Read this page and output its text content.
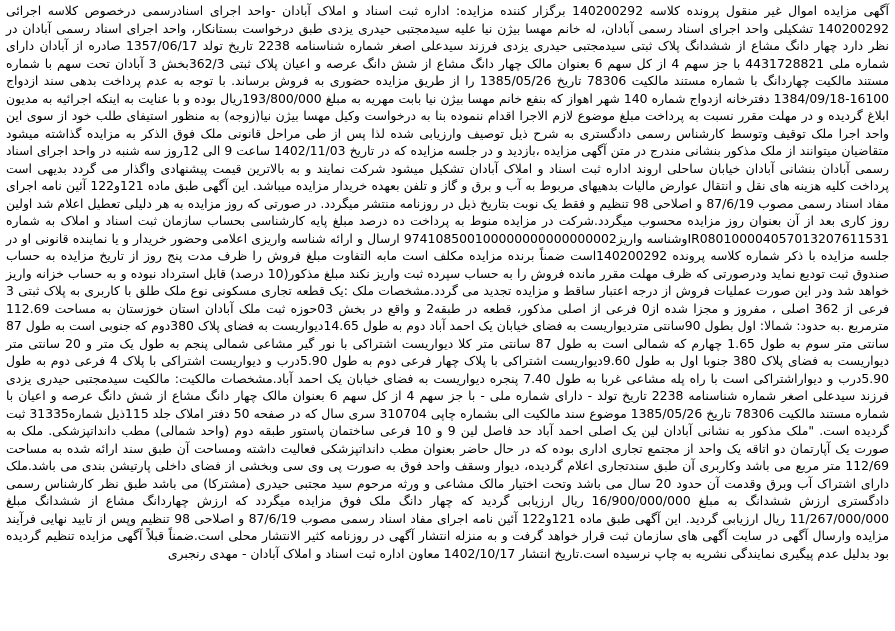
آگهی مزایده اموال غیر منقول پرونده کلاسه 140200292 برگزار کننده مزایده: اداره ثبت اسناد و املاک آبادان -واحد اجرای اسنادرسمی درخصوص کلاسه اجرائی 140200292 تشکیلی واحد اجرای اسناد رسمی آبادان، له خانم مهسا بیژن نیا علیه سیدمجتبی حیدری یزدی طبق درخواست بستانکار، واحد اجرای اسناد رسمی آبادان در نظر دارد چهار دانگ مشاع از ششدانگ پلاک ثبتی سیدمجتبی حیدری یزدی فرزند سیدعلی اصغر شماره شناسنامه 2238 تاریخ تولد 1357/06/17 صادره از آبادان دارای شماره ملی 4431728821 با جز سهم 4 از کل سهم 6 بعنوان مالک چهار دانگ مشاع از شش دانگ عرصه و اعیان پلاک ثبتی 362/3بخش 3 آبادان تحت سهم با شماره مستند مالکیت چهاردانگ با شماره مستند مالکیت 78306 تاریخ 1385/05/26 را از طریق مزایده حضوری به فروش برساند. با توجه به عدم پرداخت بدهی سند ازدواج 16100-1384/09/18 دفترخانه ازدواج شماره 140 شهر اهواز که بنفع خانم مهسا بیژن نیا بابت مهریه به مبلغ 193/800/000ریال بوده و با عنایت به اینکه اجرائیه به مدیون ابلاغ گردیده و در مهلت مقرر نسبت به پرداخت مبلغ موضوع لازم الاجرا اقدام ننموده بنا به درخواست وکیل مهسا بیژن نیا(زوجه) به منظور استیفای طلب خود از سوی این واحد اجرا ملک توقیف وتوسط کارشناس رسمی دادگستری به شرح ذیل توصیف وارزیابی شده لذا پس از طی مراحل قانونی ملک فوق الذکر به مزایده گذاشته میشود متقاضیان میتوانند از ملک مذکور بنشانی مندرج در متن آگهی مزایده ،بازدید و در جلسه مزایده که در تاریخ 1402/11/03 ساعت 9 الی 12روز سه شنبه در واحد اجرای اسناد رسمی آبادان بنشانی آبادان خیابان ساحلی اروند اداره ثبت اسناد و املاک آبادان تشکیل میشود شرکت نمایند و به بالاترین قیمت پیشنهادی واگذار می گردد بدیهی است پرداخت کلیه هزینه های نقل و انتقال عوارض مالیات بدهیهای مربوط به آب و برق و گاز و تلفن بعهده خریدار مزایده میباشد. این آگهی طبق ماده 121و122 آئین نامه اجرای مفاد اسناد رسمی مصوب 87/6/19 و اصلاحی 98 تنظیم و فقط یک نوبت بتاریخ ذیل در روزنامه منتشر میگردد. در صورتی که روز مزایده به هر دلیلی تعطیل اعلام شد اولین روز کاری بعد از آن بعنوان روز مزایده محسوب میگردد.شرکت در مزایده منوط به پرداخت ده درصد مبلغ پایه کارشناسی بحساب سازمان ثبت اسناد و املاک به شماره IR080100004057013207611531وشناسه واریز974108500100000000000000002 ارسال و ارائه شناسه واریزی اعلامی وحضور خریدار و یا نماینده قانونی او در جلسه مزایده با ذکر شماره کلاسه پرونده 140200292است ضمناً برنده مزایده مکلف است مابه التفاوت مبلغ فروش را ظرف مدت پنج روز از تاریخ مزایده به حساب صندوق ثبت تودیع نماید ودرصورتی که ظرف مهلت مقرر مانده فروش را به حساب سپرده ثبت واریز نکند مبلغ مذکور(10 درصد) قابل استرداد نبوده و به حساب خزانه واریز خواهد شد ودر این صورت عملیات فروش از درجه اعتبار ساقط و مزایده تجدید می گردد.مشخصات ملک :یک قطعه تجاری مسکونی نوع ملک طلق با کاربری به پلاک ثبتی 3 فرعی از 362 اصلی ، مفروز و مجزا شده از0 فرعی از اصلی مذکور، قطعه در طبقه2 و واقع در بخش 03حوزه ثبت ملک آبادان استان خوزستان به مساحت 112.69 مترمربع .به حدود: شمالا: اول بطول 90سانتی متردیواریست به فضای خیابان یک احمد آباد دوم به طول 14.65دیواریست به فضای پلاک 380دوم که جنوبی است به طول 87 سانتی متر سوم به طول 1.65 چهارم که شمالی است به طول 87 سانتی متر کلا دیواریست اشتراکی با نور گیر مشاعی شمالی پنجم به طول یک متر و 20 سانتی متر دیواریست به فضای پلاک 380 جنوبا اول به طول 9.60دیواریست اشتراکی با پلاک چهار فرعی دوم به طول 5.90درب و دیواریست اشتراکی با پلاک 4 فرعی دوم به طول 5.90درب و دیواراشتراکی است با راه پله مشاعی غربا به طول 7.40 پنجره دیواریست به فضای خیابان یک احمد آباد.مشخصات مالکیت: مالکیت سیدمجتبی حیدری یزدی فرزند سیدعلی اصغر شماره شناسنامه 2238 تاریخ تولد - دارای شماره ملی - با جز سهم 4 از کل سهم 6 بعنوان مالک چهار دانگ مشاع از شش دانگ عرصه و اعیان با شماره مستند مالکیت 78306 تاریخ 1385/05/26 موضوع سند مالکیت الی بشماره چاپی 310704 سری سال که در صفحه 50 دفتر املاک جلد 115ذیل شماره31335 ثبت گردیده است. "ملک مذکور به نشانی آبادان لین یک اصلی احمد آباد حد فاصل لین 9 و 10 فرعی ساختمان پاستور طبقه دوم (واحد شمالی) مطب دانداتپزشکی. ملک به صورت یک آپارتمان دو اتاقه یک واحد از مجتمع تجاری اداری بوده که در حال حاضر بعنوان مطب دانداتپزشکی فعالیت داشته ومساحت آن طبق سند ارائه شده به مساحت 112/69 متر مربع می باشد وکاربری آن طبق سندتجاری اعلام گردیده، دیوار وسقف واحد فوق به صورت پی وی سی وبخشی از فضای داخلی پارتیشن بندی می باشد.ملک دارای اشتراک آب وبرق وقدمت آن حدود 20 سال می باشد وتحت اختیار مالک مشاعی و ورثه مرحوم سید مجتبی حیدری (مشترکا) می باشد طبق نظر کارشناس رسمی دادگستری ارزش ششدانگ به مبلغ 16/900/000/000 ریال ارزیابی گردید که چهار دانگ ملک فوق مزایده میگردد که ارزش چهاردانگ مشاع از ششدانگ مبلغ 11/267/000/000 ریال ارزیابی گردید. این آگهی طبق ماده 121و122 آئین نامه اجرای مفاد اسناد رسمی مصوب 87/6/19 و اصلاحی 98 تنظیم وپس از تایید نهایی فرآیند مزایده وارسال آگهی در سایت آگهی های سازمان ثبت قرار خواهد گرفت و به منزله انتشار آگهی در روزنامه کثیر الانتشار محلی است.ضمناً قبلاً آگهی مزایده تنظیم گردیده بود بدلیل عدم پیگیری نمایندگی نشریه به چاپ نرسیده است.تاریخ انتشار 1402/10/17 معاون اداره ثبت اسناد و املاک آبادان - مهدی رنجبری
